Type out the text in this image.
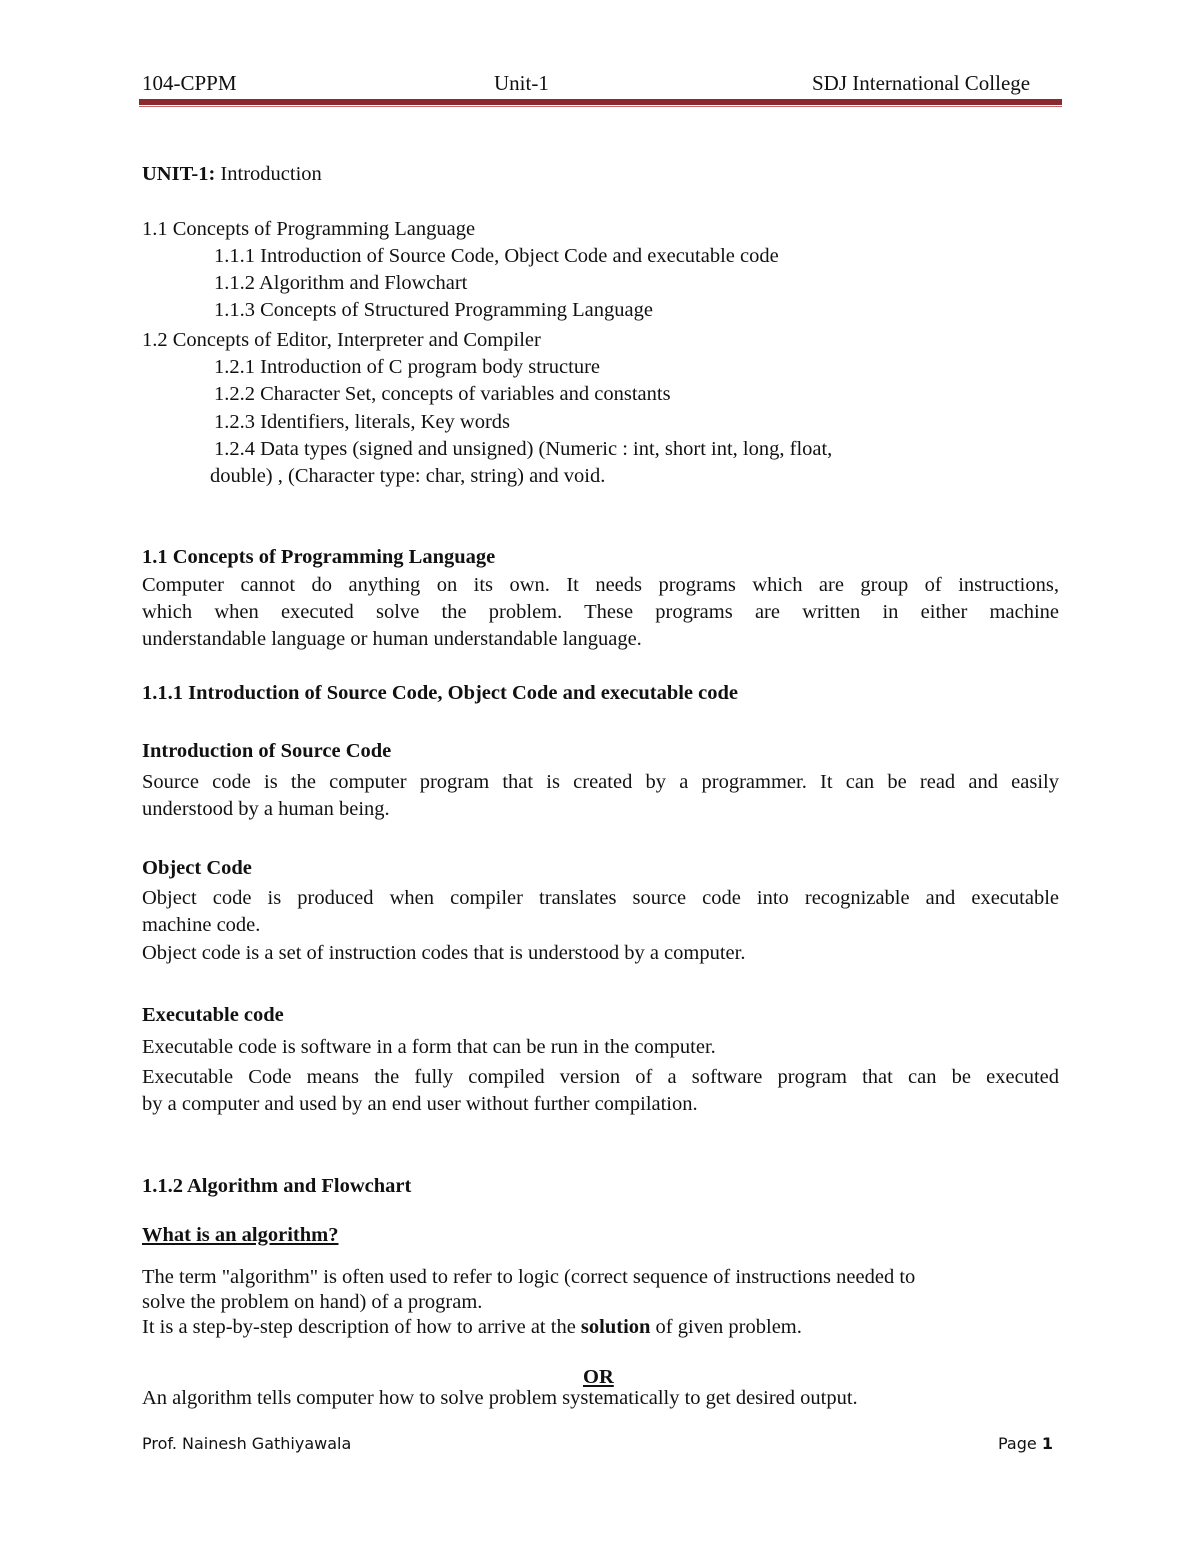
104-CPPM	Unit-1	SDJ International College
UNIT-1: Introduction
1.1 Concepts of Programming Language
1.1.1 Introduction of Source Code, Object Code and executable code
1.1.2 Algorithm and Flowchart
1.1.3 Concepts of Structured Programming Language
1.2 Concepts of Editor, Interpreter and Compiler
1.2.1 Introduction of C program body structure
1.2.2 Character Set, concepts of variables and constants
1.2.3 Identifiers, literals, Key words
1.2.4 Data types (signed and unsigned) (Numeric : int, short int, long, float,
double) , (Character type: char, string) and void.
1.1 Concepts of Programming Language
Computer cannot do anything on its own. It needs programs which are group of instructions,
which when executed solve the problem. These programs are written in either machine
understandable language or human understandable language.
1.1.1 Introduction of Source Code, Object Code and executable code
Introduction of Source Code
Source code is the computer program that is created by a programmer. It can be read and easily
understood by a human being.
Object Code
Object code is produced when compiler translates source code into recognizable and executable
machine code.
Object code is a set of instruction codes that is understood by a computer.
Executable code
Executable code is software in a form that can be run in the computer.
Executable Code means the fully compiled version of a software program that can be executed
by a computer and used by an end user without further compilation.
1.1.2 Algorithm and Flowchart
What is an algorithm?
The term "algorithm" is often used to refer to logic (correct sequence of instructions needed to
solve the problem on hand) of a program.
It is a step-by-step description of how to arrive at the solution of given problem.
OR
An algorithm tells computer how to solve problem systematically to get desired output.
Prof. Nainesh Gathiyawala	Page 1
